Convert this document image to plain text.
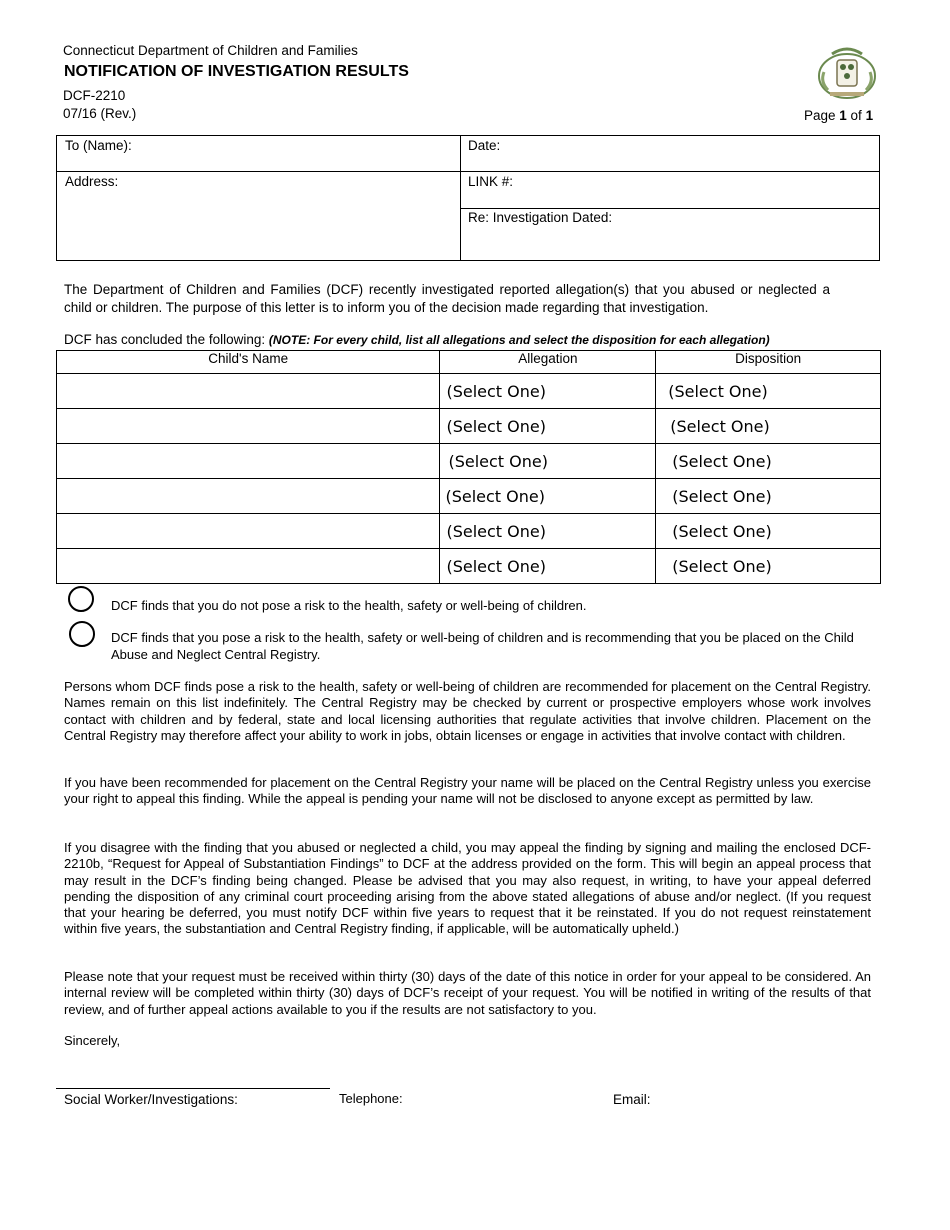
Connecticut Department of Children and Families
NOTIFICATION OF INVESTIGATION RESULTS
DCF-2210
07/16 (Rev.)	Page 1 of 1
To (Name):	Date:
Address:	LINK #:
Re: Investigation Dated:
The Department of Children and Families (DCF) recently investigated reported allegation(s) that you abused or neglected a child or children. The purpose of this letter is to inform you of the decision made regarding that investigation.
DCF has concluded the following: (NOTE: For every child, list all allegations and select the disposition for each allegation)
Child's Name	Allegation	Disposition
	(Select One)	(Select One)
	(Select One)	(Select One)
	(Select One)	(Select One)
	(Select One)	(Select One)
	(Select One)	(Select One)
	(Select One)	(Select One)
DCF finds that you do not pose a risk to the health, safety or well-being of children.
DCF finds that you pose a risk to the health, safety or well-being of children and is recommending that you be placed on the Child Abuse and Neglect Central Registry.
Persons whom DCF finds pose a risk to the health, safety or well-being of children are recommended for placement on the Central Registry. Names remain on this list indefinitely. The Central Registry may be checked by current or prospective employers whose work involves contact with children and by federal, state and local licensing authorities that regulate activities that involve children. Placement on the Central Registry may therefore affect your ability to work in jobs, obtain licenses or engage in activities that involve contact with children.
If you have been recommended for placement on the Central Registry your name will be placed on the Central Registry unless you exercise your right to appeal this finding. While the appeal is pending your name will not be disclosed to anyone except as permitted by law.
If you disagree with the finding that you abused or neglected a child, you may appeal the finding by signing and mailing the enclosed DCF-2210b, “Request for Appeal of Substantiation Findings” to DCF at the address provided on the form. This will begin an appeal process that may result in the DCF’s finding being changed. Please be advised that you may also request, in writing, to have your appeal deferred pending the disposition of any criminal court proceeding arising from the above stated allegations of abuse and/or neglect. (If you request that your hearing be deferred, you must notify DCF within five years to request that it be reinstated. If you do not request reinstatement within five years, the substantiation and Central Registry finding, if applicable, will be automatically upheld.)
Please note that your request must be received within thirty (30) days of the date of this notice in order for your appeal to be considered. An internal review will be completed within thirty (30) days of DCF’s receipt of your request. You will be notified in writing of the results of that review, and of further appeal actions available to you if the results are not satisfactory to you.
Sincerely,
Social Worker/Investigations:	Telephone:	Email:
